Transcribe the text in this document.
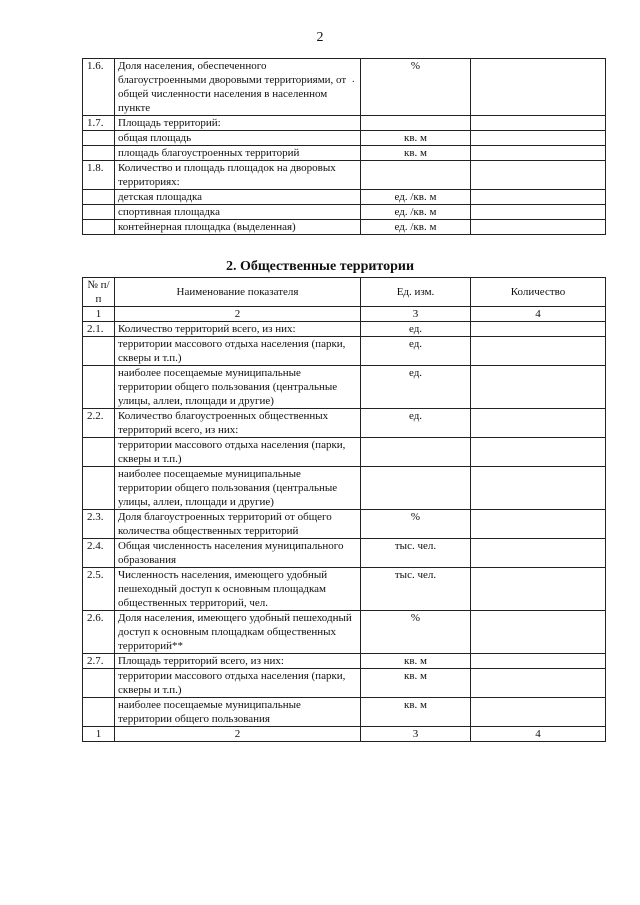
2
.
1.6.	Доля населения, обеспеченного благоустроенными дворовыми территориями, от общей численности населения в населенном пункте	%	
1.7.	Площадь территорий:		
	общая площадь	кв. м	
	площадь благоустроенных территорий	кв. м	
1.8.	Количество и площадь площадок на дворовых территориях:		
	детская площадка	ед. /кв. м	
	спортивная площадка	ед. /кв. м	
	контейнерная площадка (выделенная)	ед. /кв. м	
2. Общественные территории
№ п/п	Наименование показателя	Ед. изм.	Количество
1	2	3	4
2.1.	Количество территорий всего, из них:	ед.	
	территории массового отдыха населения (парки, скверы и т.п.)	ед.	
	наиболее посещаемые муниципальные территории общего пользования (центральные улицы, аллеи, площади и другие)	ед.	
2.2.	Количество благоустроенных общественных территорий всего, из них:	ед.	
	территории массового отдыха населения (парки, скверы и т.п.)		
	наиболее посещаемые муниципальные территории общего пользования (центральные улицы, аллеи, площади и другие)		
2.3.	Доля благоустроенных территорий от общего количества общественных территорий	%	
2.4.	Общая численность населения муниципального образования	тыс. чел.	
2.5.	Численность населения, имеющего удобный пешеходный доступ к основным площадкам общественных территорий, чел.	тыс. чел.	
2.6.	Доля населения, имеющего удобный пешеходный доступ к основным площадкам общественных территорий**	%	
2.7.	Площадь территорий всего, из них:	кв. м	
	территории массового отдыха населения (парки, скверы и т.п.)	кв. м	
	наиболее посещаемые муниципальные территории общего пользования	кв. м	
1	2	3	4
